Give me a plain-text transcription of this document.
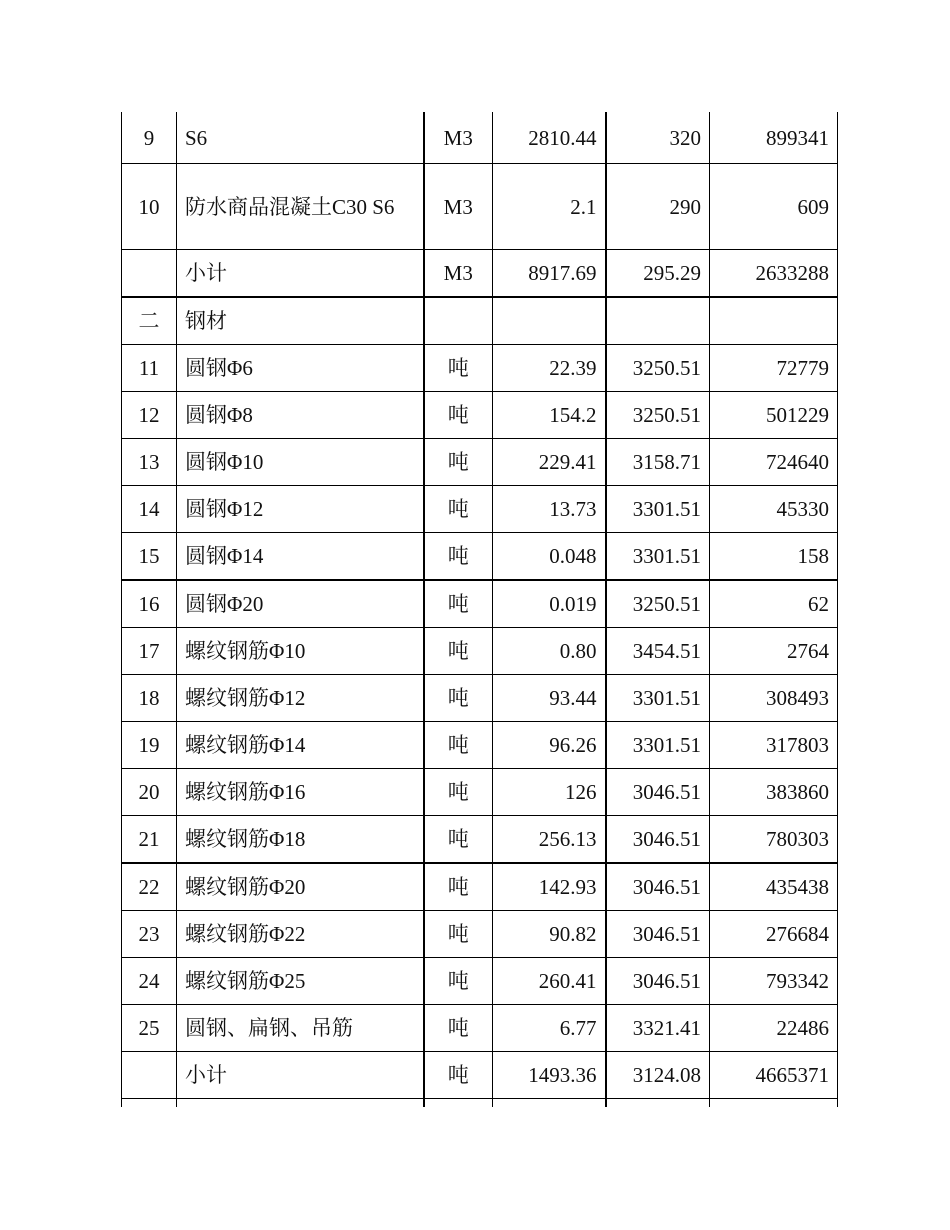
9	S6	M3	2810.44	320	899341
10	防水商品混凝土C30 S6	M3	2.1	290	609
	小计	M3	8917.69	295.29	2633288
二	钢材				
11	圆钢Φ6	吨	22.39	3250.51	72779
12	圆钢Φ8	吨	154.2	3250.51	501229
13	圆钢Φ10	吨	229.41	3158.71	724640
14	圆钢Φ12	吨	13.73	3301.51	45330
15	圆钢Φ14	吨	0.048	3301.51	158
16	圆钢Φ20	吨	0.019	3250.51	62
17	螺纹钢筋Φ10	吨	0.80	3454.51	2764
18	螺纹钢筋Φ12	吨	93.44	3301.51	308493
19	螺纹钢筋Φ14	吨	96.26	3301.51	317803
20	螺纹钢筋Φ16	吨	126	3046.51	383860
21	螺纹钢筋Φ18	吨	256.13	3046.51	780303
22	螺纹钢筋Φ20	吨	142.93	3046.51	435438
23	螺纹钢筋Φ22	吨	90.82	3046.51	276684
24	螺纹钢筋Φ25	吨	260.41	3046.51	793342
25	圆钢、扁钢、吊筋	吨	6.77	3321.41	22486
	小计	吨	1493.36	3124.08	4665371
